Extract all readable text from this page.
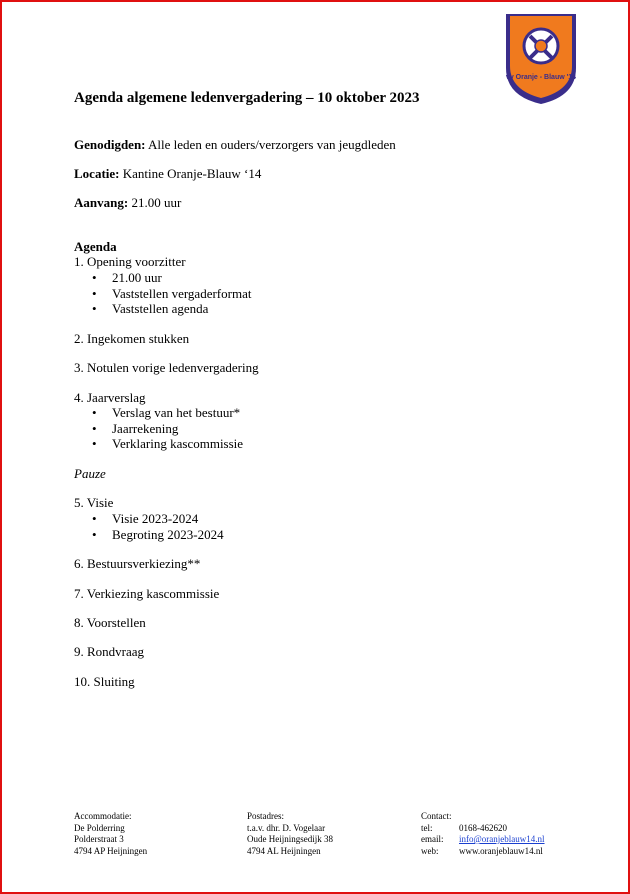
vv Oranje - Blauw '14
Agenda algemene ledenvergadering – 10 oktober 2023
Genodigden: Alle leden en ouders/verzorgers van jeugdleden
Locatie: Kantine Oranje-Blauw ‘14
Aanvang: 21.00 uur
Agenda
1. Opening voorzitter
• 21.00 uur
• Vaststellen vergaderformat
• Vaststellen agenda
2. Ingekomen stukken
3. Notulen vorige ledenvergadering
4. Jaarverslag
• Verslag van het bestuur*
• Jaarrekening
• Verklaring kascommissie
Pauze
5. Visie
• Visie 2023-2024
• Begroting 2023-2024
6. Bestuursverkiezing**
7. Verkiezing kascommissie
8. Voorstellen
9. Rondvraag
10. Sluiting
Accommodatie:
De Polderring
Polderstraat 3
4794 AP Heijningen
Postadres:
t.a.v. dhr. D. Vogelaar
Oude Heijningsedijk 38
4794 AL Heijningen
Contact:
tel:	0168-462620
email: info@oranjeblauw14.nl
web: www.oranjeblauw14.nl
